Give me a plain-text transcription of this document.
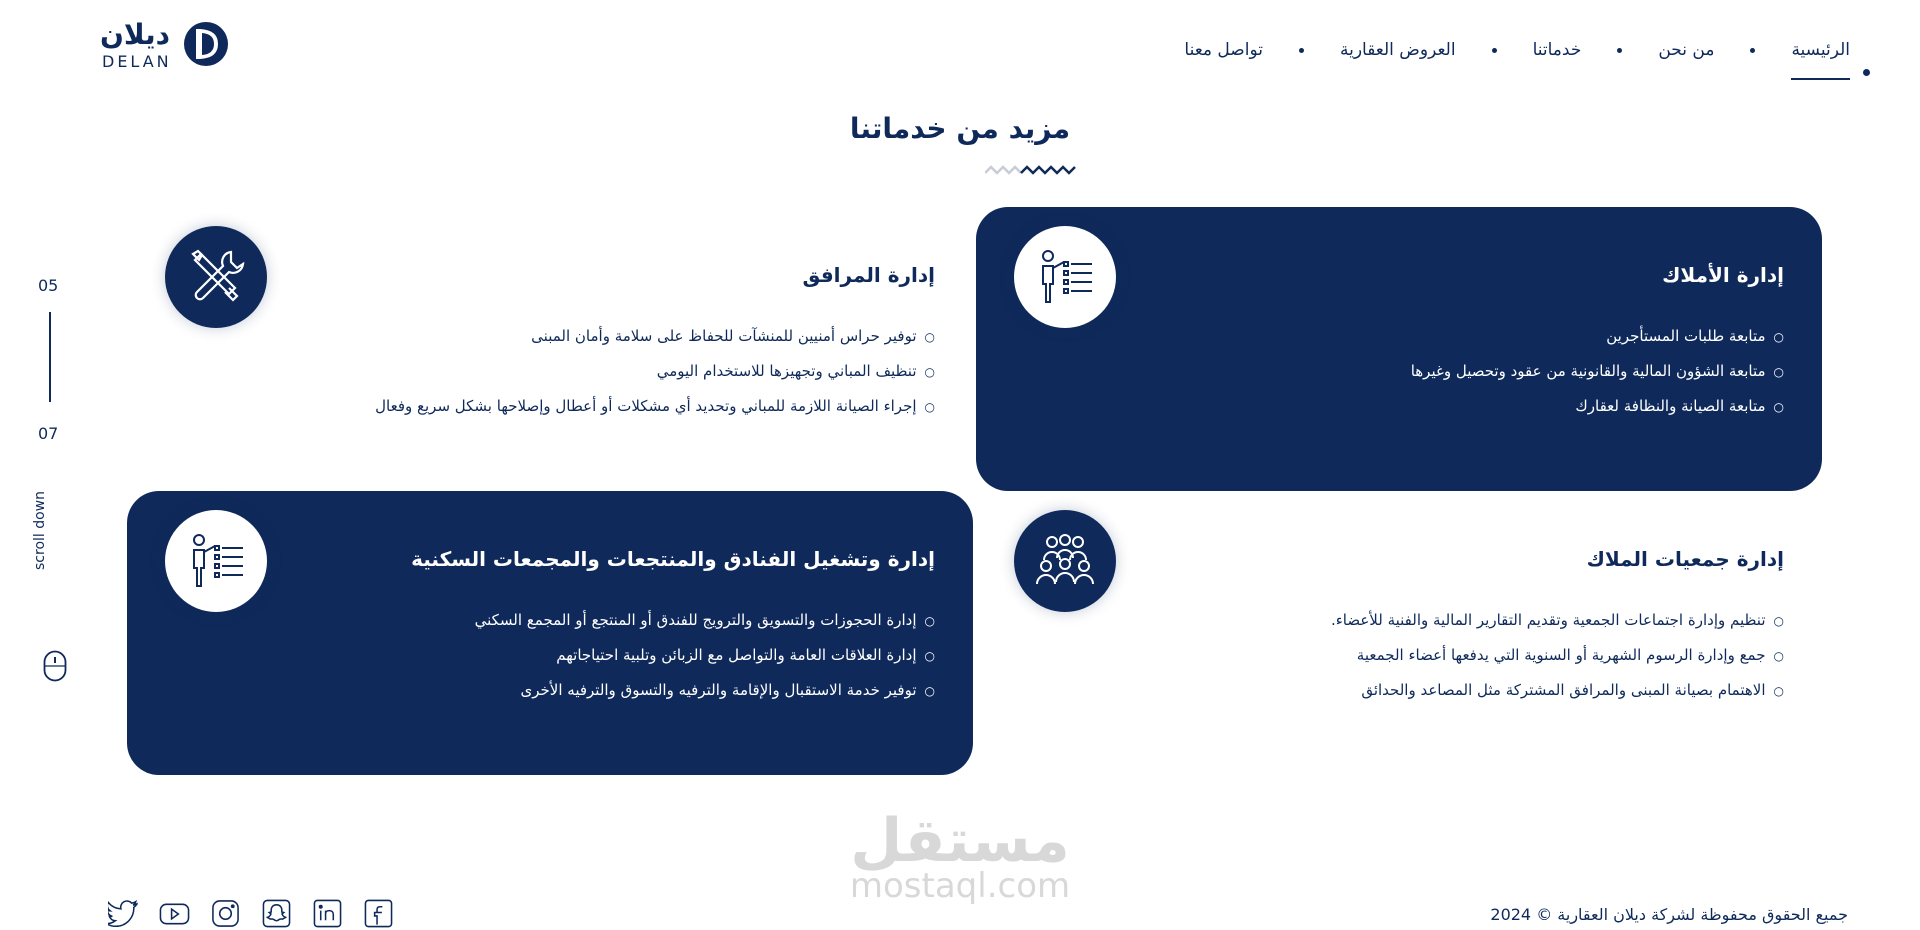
ديلان
DELAN
الرئيسية
من نحن
خدماتنا
العروض العقارية
تواصل معنا
مزيد من خدماتنا
05
07
scroll down
إدارة الأملاك
○ متابعة طلبات المستأجرين
○ متابعة الشؤون المالية والقانونية من عقود وتحصيل وغيرها
○ متابعة الصيانة والنظافة لعقارك
إدارة المرافق
○ توفير حراس أمنيين للمنشآت للحفاظ على سلامة وأمان المبنى
○ تنظيف المباني وتجهيزها للاستخدام اليومي
○ إجراء الصيانة اللازمة للمباني وتحديد أي مشكلات أو أعطال وإصلاحها بشكل سريع وفعال
إدارة جمعيات الملاك
○ تنظيم وإدارة اجتماعات الجمعية وتقديم التقارير المالية والفنية للأعضاء.
○ جمع وإدارة الرسوم الشهرية أو السنوية التي يدفعها أعضاء الجمعية
○ الاهتمام بصيانة المبنى والمرافق المشتركة مثل المصاعد والحدائق
إدارة وتشغيل الفنادق والمنتجعات والمجمعات السكنية
○ إدارة الحجوزات والتسويق والترويج للفندق أو المنتجع أو المجمع السكني
○ إدارة العلاقات العامة والتواصل مع الزبائن وتلبية احتياجاتهم
○ توفير خدمة الاستقبال والإقامة والترفيه والتسوق والترفيه الأخرى
مستقل
mostaql.com
جميع الحقوق محفوظة لشركة ديلان العقارية © 2024
